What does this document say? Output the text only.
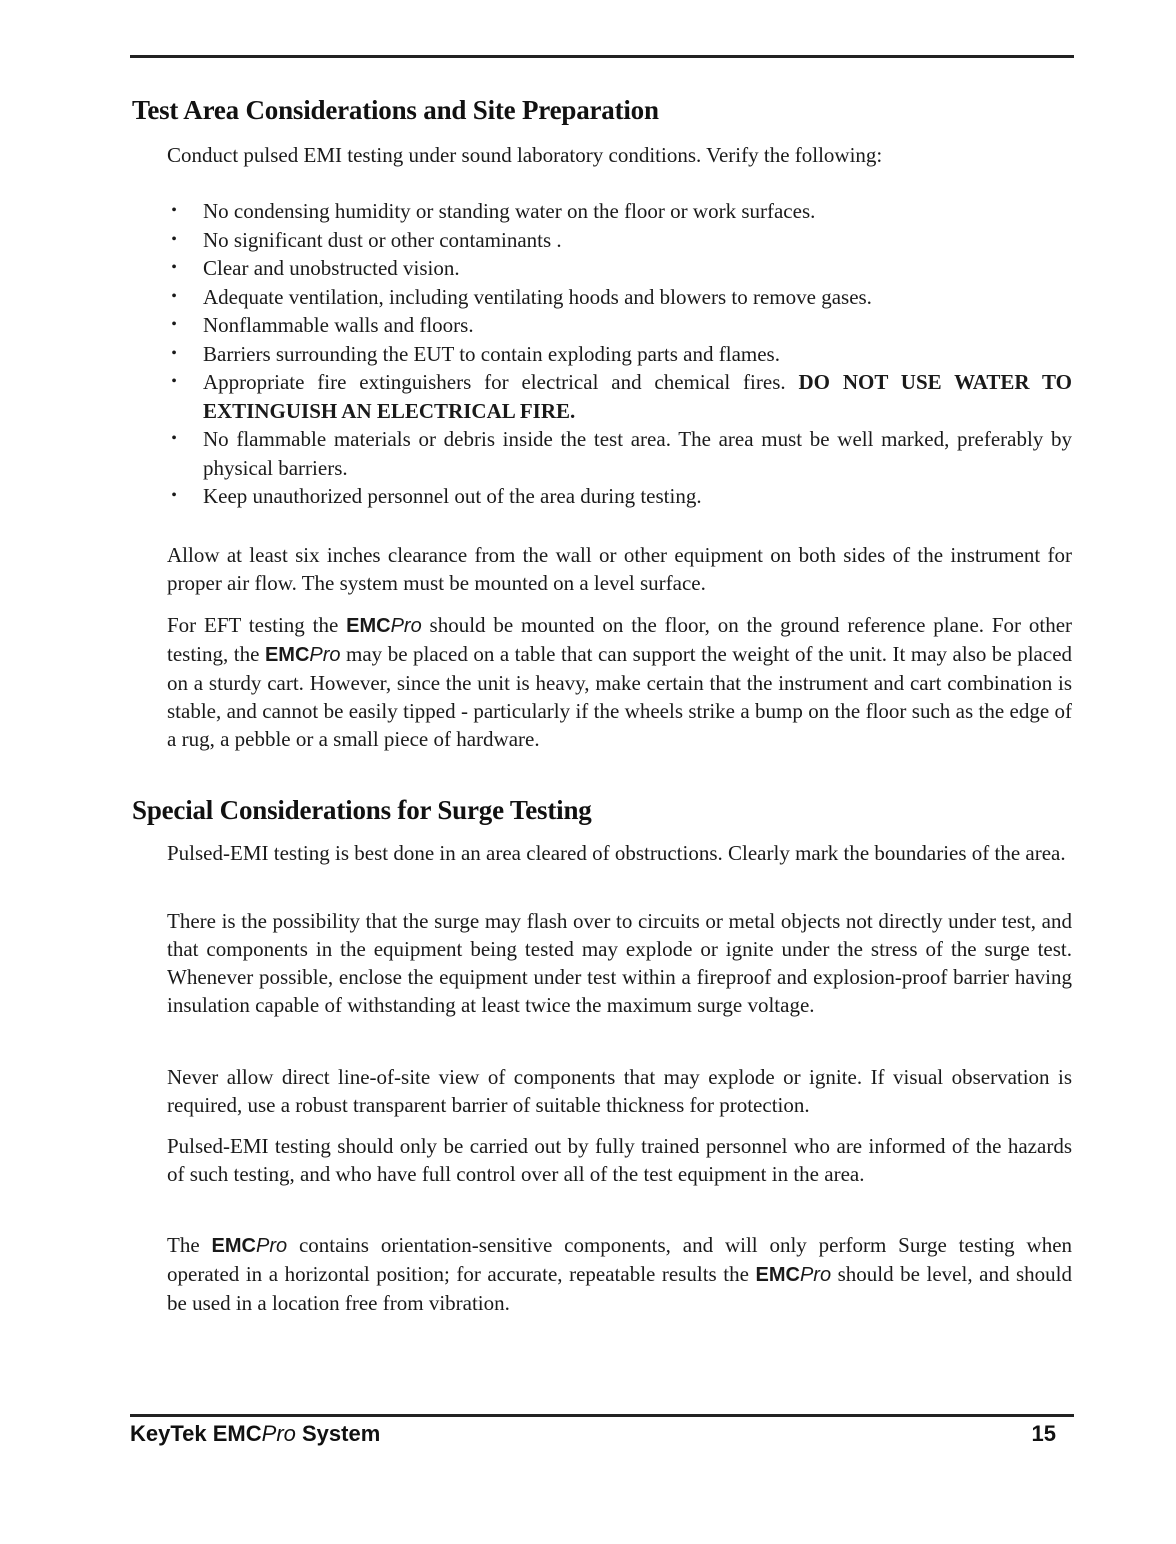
Test Area Considerations and Site Preparation

Conduct pulsed EMI testing under sound laboratory conditions. Verify the following:

• No condensing humidity or standing water on the floor or work surfaces.
• No significant dust or other contaminants .
• Clear and unobstructed vision.
• Adequate ventilation, including ventilating hoods and blowers to remove gases.
• Nonflammable walls and floors.
• Barriers surrounding the EUT to contain exploding parts and flames.
• Appropriate fire extinguishers for electrical and chemical fires. DO NOT USE WATER TO EXTINGUISH AN ELECTRICAL FIRE.
• No flammable materials or debris inside the test area. The area must be well marked, preferably by physical barriers.
• Keep unauthorized personnel out of the area during testing.

Allow at least six inches clearance from the wall or other equipment on both sides of the instrument for proper air flow. The system must be mounted on a level surface.

For EFT testing the EMCPro should be mounted on the floor, on the ground reference plane. For other testing, the EMCPro may be placed on a table that can support the weight of the unit. It may also be placed on a sturdy cart. However, since the unit is heavy, make certain that the instrument and cart combination is stable, and cannot be easily tipped - particularly if the wheels strike a bump on the floor such as the edge of a rug, a pebble or a small piece of hardware.

Special Considerations for Surge Testing

Pulsed-EMI testing is best done in an area cleared of obstructions. Clearly mark the boundaries of the area.

There is the possibility that the surge may flash over to circuits or metal objects not directly under test, and that components in the equipment being tested may explode or ignite under the stress of the surge test. Whenever possible, enclose the equipment under test within a fireproof and explosion-proof barrier having insulation capable of withstanding at least twice the maximum surge voltage.

Never allow direct line-of-site view of components that may explode or ignite. If visual observation is required, use a robust transparent barrier of suitable thickness for protection.

Pulsed-EMI testing should only be carried out by fully trained personnel who are informed of the hazards of such testing, and who have full control over all of the test equipment in the area.

The EMCPro contains orientation-sensitive components, and will only perform Surge testing when operated in a horizontal position; for accurate, repeatable results the EMCPro should be level, and should be used in a location free from vibration.

KeyTek EMCPro System	15
